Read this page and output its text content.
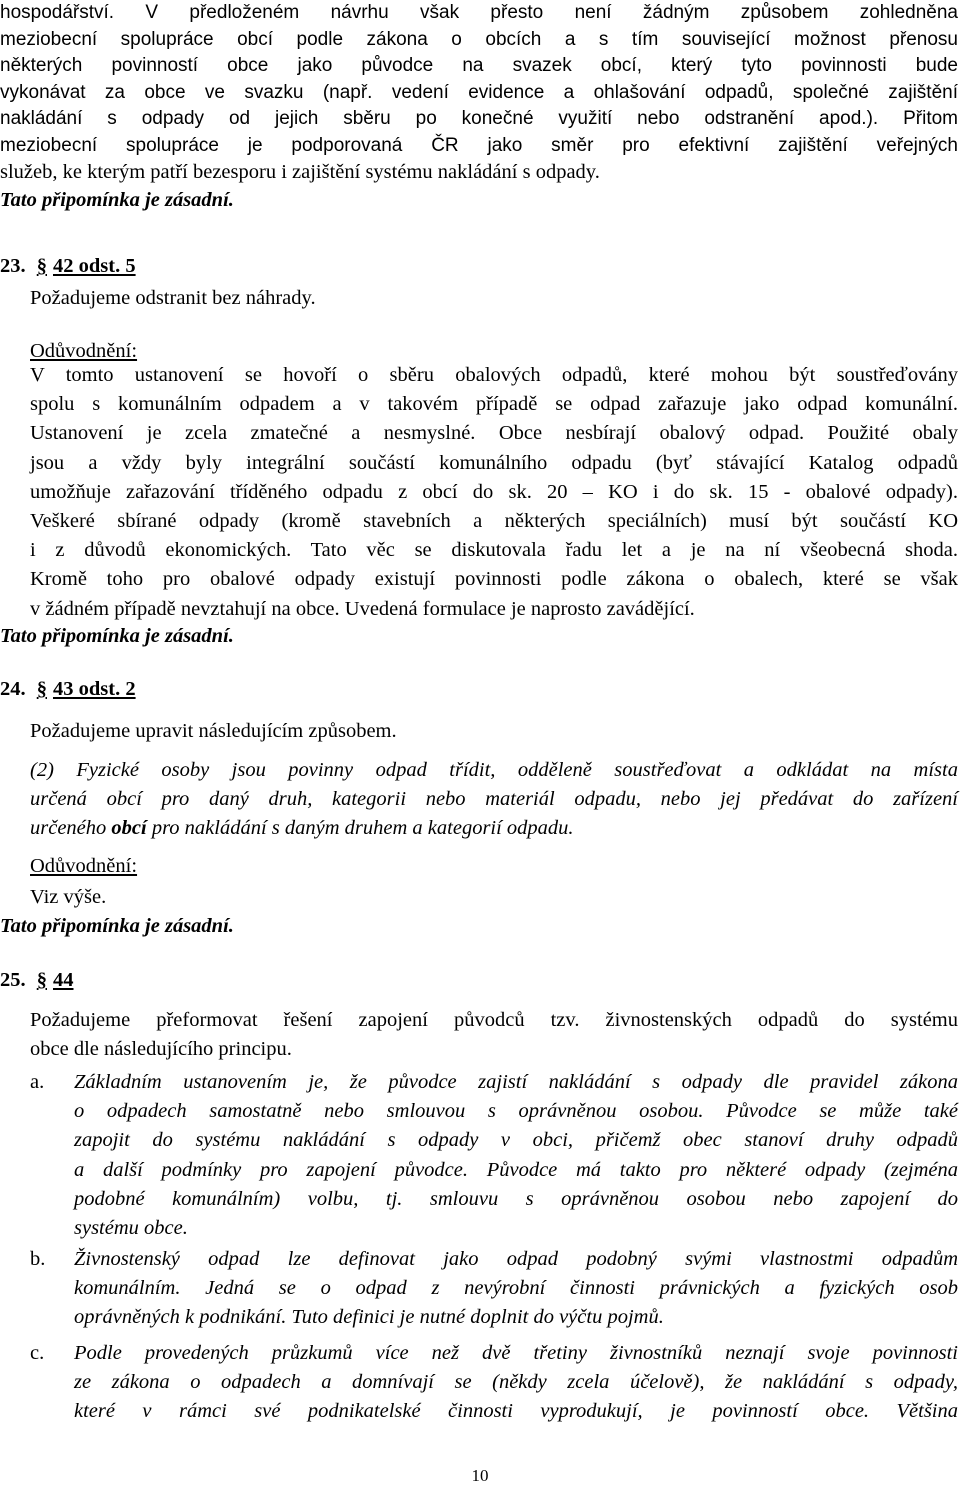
hospodářství. V předloženém návrhu však přesto není žádným způsobem zohledněna
meziobecní spolupráce obcí podle zákona o obcích a s tím související možnost přenosu
některých povinností obce jako původce na svazek obcí, který tyto povinnosti bude
vykonávat za obce ve svazku (např. vedení evidence a ohlašování odpadů, společné zajištění
nakládání s odpady od jejich sběru po konečné využití nebo odstranění apod.). Přitom
meziobecní spolupráce je podporovaná ČR jako směr pro efektivní zajištění veřejných
služeb, ke kterým patří bezesporu i zajištění systému nakládání s odpady.
Tato připomínka je zásadní.
23. § 42 odst. 5
Požadujeme odstranit bez náhrady.
Odůvodnění:
V tomto ustanovení se hovoří o sběru obalových odpadů, které mohou být soustřeďovány
spolu s komunálním odpadem a v takovém případě se odpad zařazuje jako odpad komunální.
Ustanovení je zcela zmatečné a nesmyslné. Obce nesbírají obalový odpad. Použité obaly
jsou a vždy byly integrální součástí komunálního odpadu (byť stávající Katalog odpadů
umožňuje zařazování tříděného odpadu z obcí do sk. 20 – KO i do sk. 15 - obalové odpady).
Veškeré sbírané odpady (kromě stavebních a některých speciálních) musí být součástí KO
i z důvodů ekonomických. Tato věc se diskutovala řadu let a je na ní všeobecná shoda.
Kromě toho pro obalové odpady existují povinnosti podle zákona o obalech, které se však
v žádném případě nevztahují na obce. Uvedená formulace je naprosto zavádějící.
Tato připomínka je zásadní.
24. § 43 odst. 2
Požadujeme upravit následujícím způsobem.
(2) Fyzické osoby jsou povinny odpad třídit, odděleně soustřeďovat a odkládat na místa
určená obcí pro daný druh, kategorii nebo materiál odpadu, nebo jej předávat do zařízení
určeného obcí pro nakládání s daným druhem a kategorií odpadu.
Odůvodnění:
Viz výše.
Tato připomínka je zásadní.
25. § 44
Požadujeme přeformovat řešení zapojení původců tzv. živnostenských odpadů do systému
obce dle následujícího principu.
a.	Základním ustanovením je, že původce zajistí nakládání s odpady dle pravidel zákona
o odpadech samostatně nebo smlouvou s oprávněnou osobou. Původce se může také
zapojit do systému nakládání s odpady v obci, přičemž obec stanoví druhy odpadů
a další podmínky pro zapojení původce. Původce má takto pro některé odpady (zejména
podobné komunálním) volbu, tj. smlouvu s oprávněnou osobou nebo zapojení do
systému obce.
b.	Živnostenský odpad lze definovat jako odpad podobný svými vlastnostmi odpadům
komunálním. Jedná se o odpad z nevýrobní činnosti právnických a fyzických osob
oprávněných k podnikání. Tuto definici je nutné doplnit do výčtu pojmů.
c.	Podle provedených průzkumů více než dvě třetiny živnostníků neznají svoje povinnosti
ze zákona o odpadech a domnívají se (někdy zcela účelově), že nakládání s odpady,
které v rámci své podnikatelské činnosti vyprodukují, je povinností obce. Většina
10
